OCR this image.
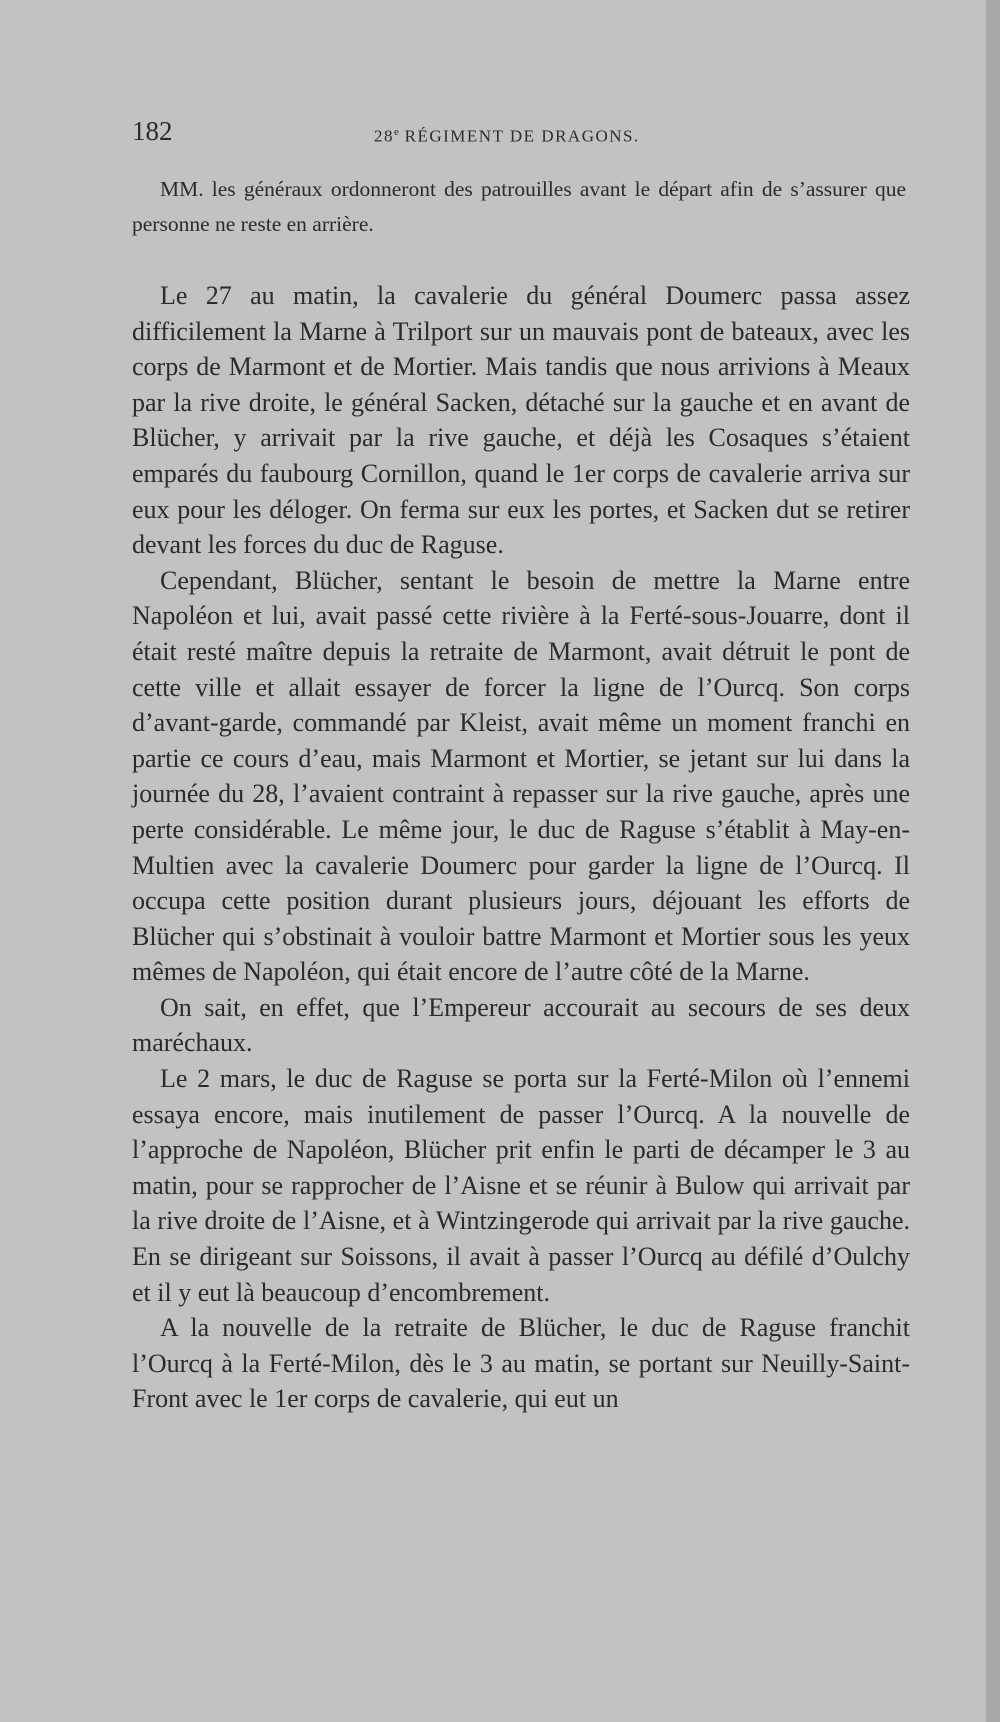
182	28e RÉGIMENT DE DRAGONS.

MM. les généraux ordonneront des patrouilles avant le départ afin de s’assurer que personne ne reste en arrière.

Le 27 au matin, la cavalerie du général Doumerc passa assez difficilement la Marne à Trilport sur un mauvais pont de bateaux, avec les corps de Marmont et de Mortier. Mais tandis que nous arrivions à Meaux par la rive droite, le général Sacken, détaché sur la gauche et en avant de Blücher, y arrivait par la rive gauche, et déjà les Cosaques s’étaient emparés du faubourg Cornillon, quand le 1er corps de cavalerie arriva sur eux pour les déloger. On ferma sur eux les portes, et Sacken dut se retirer devant les forces du duc de Raguse.

Cependant, Blücher, sentant le besoin de mettre la Marne entre Napoléon et lui, avait passé cette rivière à la Ferté-sous-Jouarre, dont il était resté maître depuis la retraite de Marmont, avait détruit le pont de cette ville et allait essayer de forcer la ligne de l’Ourcq. Son corps d’avant-garde, commandé par Kleist, avait même un moment franchi en partie ce cours d’eau, mais Marmont et Mortier, se jetant sur lui dans la journée du 28, l’avaient contraint à repasser sur la rive gauche, après une perte considérable. Le même jour, le duc de Raguse s’établit à May-en-Multien avec la cavalerie Doumerc pour garder la ligne de l’Ourcq. Il occupa cette position durant plusieurs jours, déjouant les efforts de Blücher qui s’obstinait à vouloir battre Marmont et Mortier sous les yeux mêmes de Napoléon, qui était encore de l’autre côté de la Marne.

On sait, en effet, que l’Empereur accourait au secours de ses deux maréchaux.

Le 2 mars, le duc de Raguse se porta sur la Ferté-Milon où l’ennemi essaya encore, mais inutilement de passer l’Ourcq. A la nouvelle de l’approche de Napoléon, Blücher prit enfin le parti de décamper le 3 au matin, pour se rapprocher de l’Aisne et se réunir à Bulow qui arrivait par la rive droite de l’Aisne, et à Wintzingerode qui arrivait par la rive gauche. En se dirigeant sur Soissons, il avait à passer l’Ourcq au défilé d’Oulchy et il y eut là beaucoup d’encombrement.

A la nouvelle de la retraite de Blücher, le duc de Raguse franchit l’Ourcq à la Ferté-Milon, dès le 3 au matin, se portant sur Neuilly-Saint-Front avec le 1er corps de cavalerie, qui eut un
